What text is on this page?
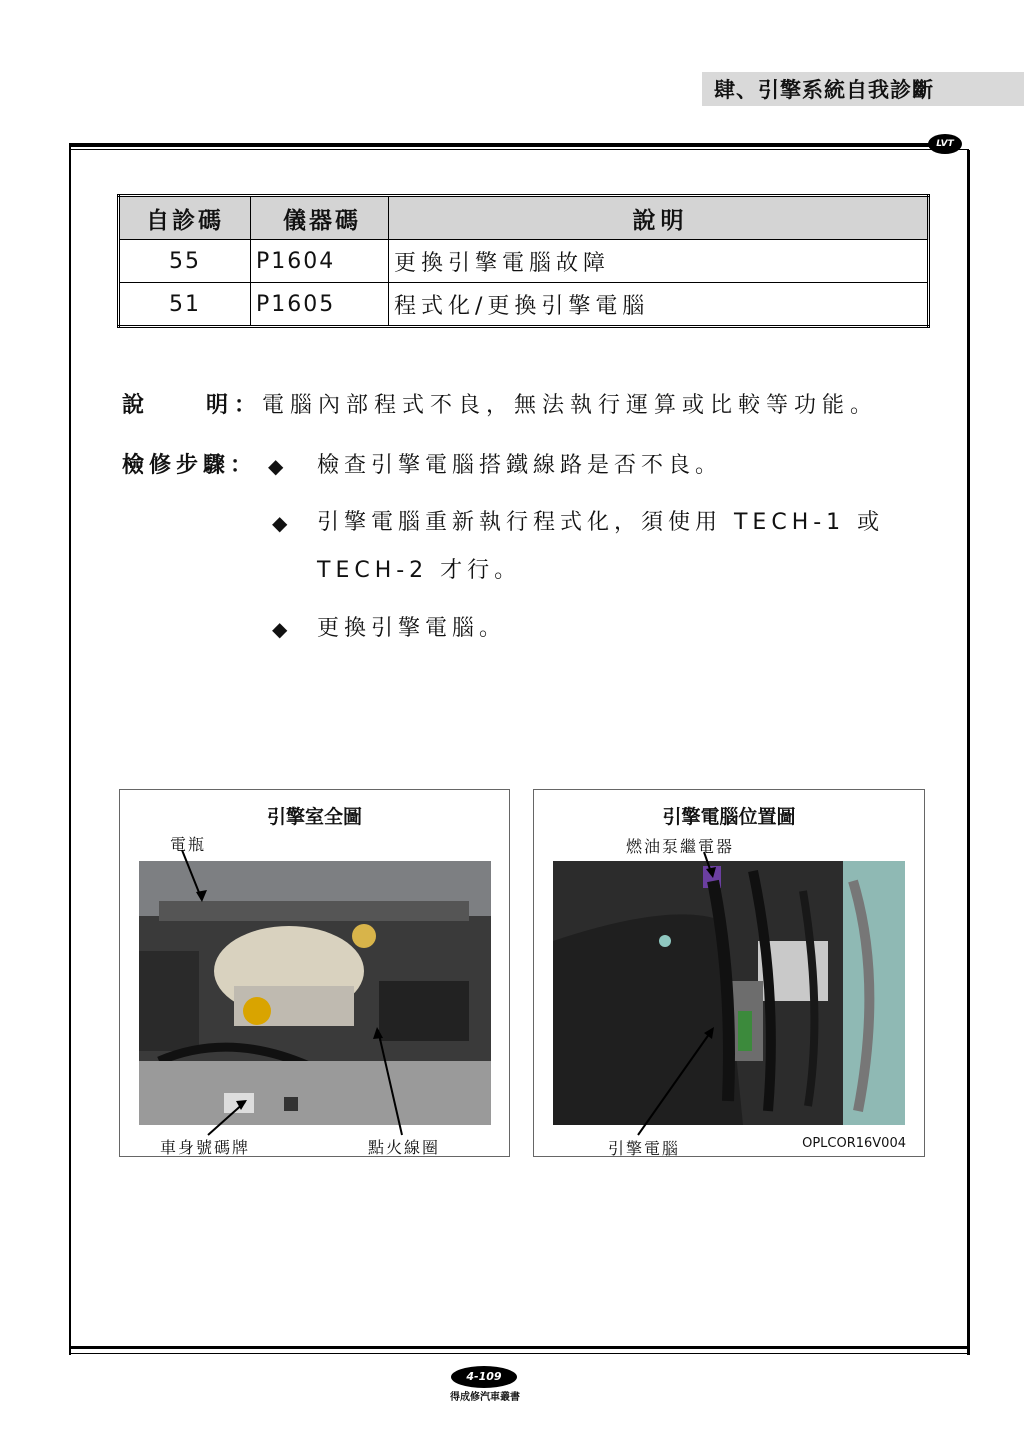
肆、引擎系統自我診斷
LVT
自診碼	儀器碼	說明
55	P1604	更換引擎電腦故障
51	P1605	程式化/更換引擎電腦
說　　明：電腦內部程式不良，無法執行運算或比較等功能。
檢修步驟： ◆ 檢查引擎電腦搭鐵線路是否不良。
◆ 引擎電腦重新執行程式化，須使用 TECH-1 或
TECH-2 才行。
◆ 更換引擎電腦。
引擎室全圖
電瓶
車身號碼牌	點火線圈
引擎電腦位置圖
燃油泵繼電器
引擎電腦	OPLCOR16V004
4-109
得成修汽車叢書
